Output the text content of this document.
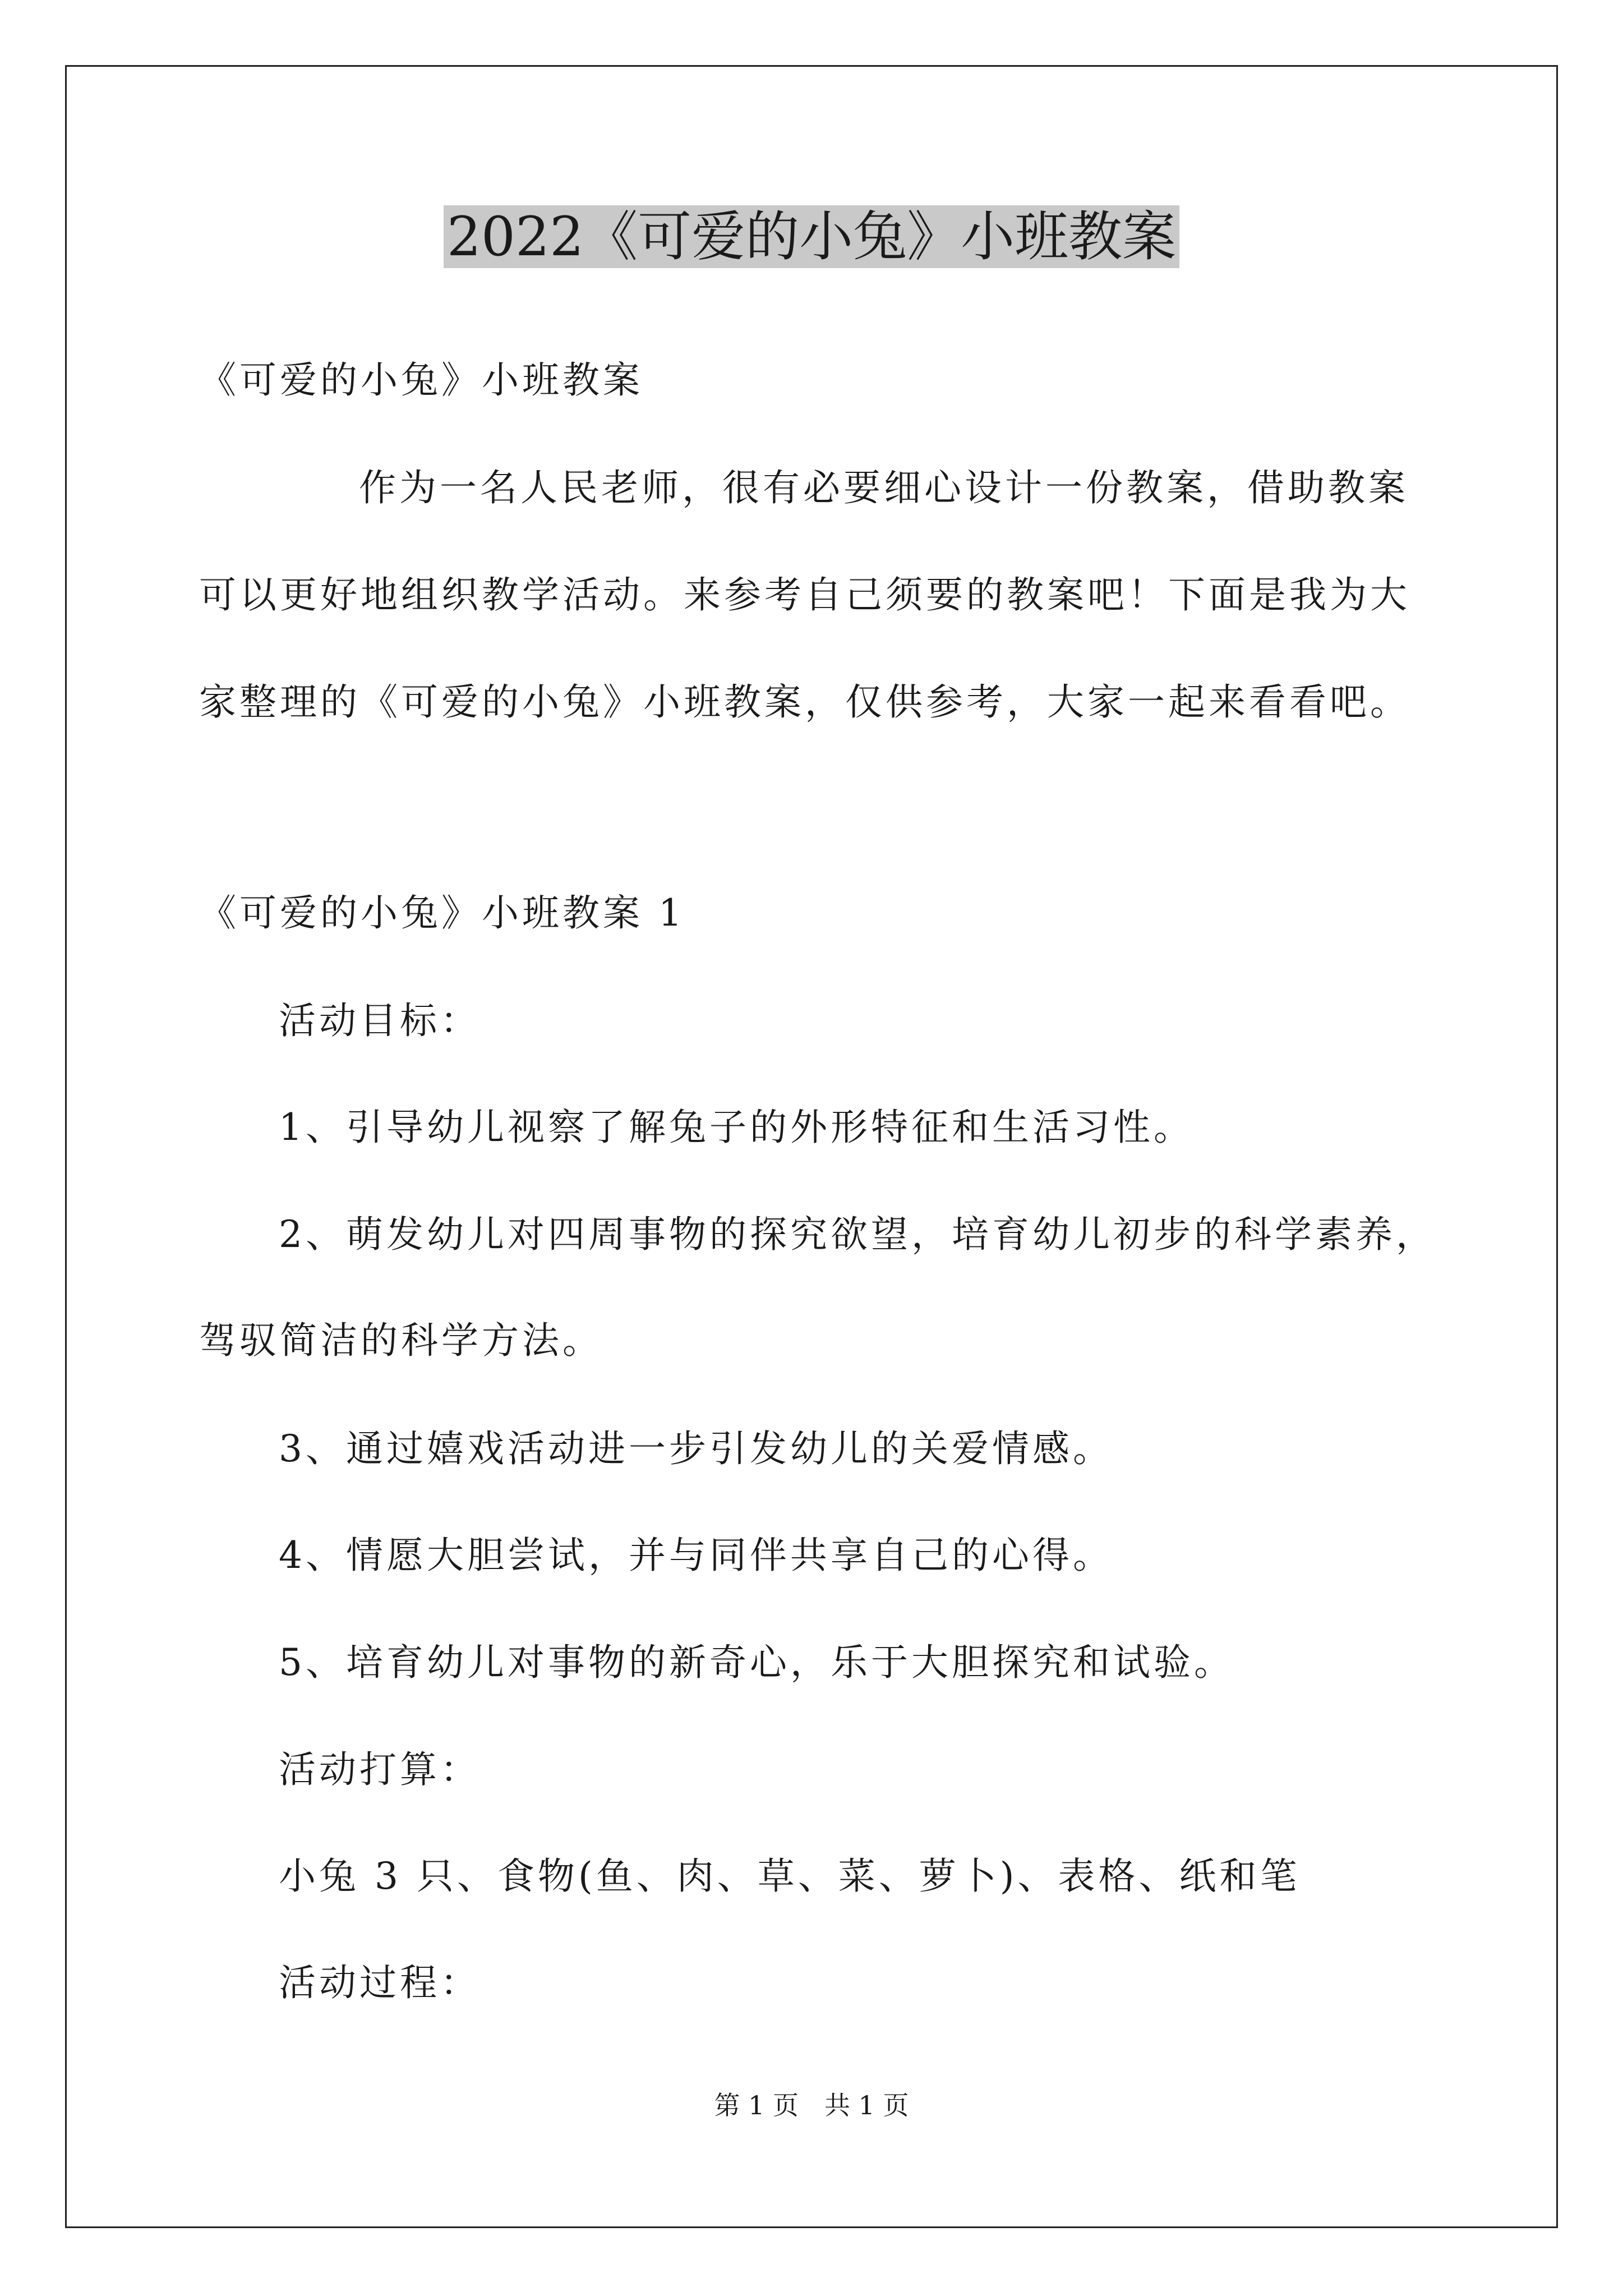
2022《可爱的小兔》小班教案
《可爱的小兔》小班教案
作为一名人民老师，很有必要细心设计一份教案，借助教案
可以更好地组织教学活动。来参考自己须要的教案吧！下面是我为大
家整理的《可爱的小兔》小班教案，仅供参考，大家一起来看看吧。
《可爱的小兔》小班教案 1
活动目标：
1、引导幼儿视察了解兔子的外形特征和生活习性。
2、萌发幼儿对四周事物的探究欲望，培育幼儿初步的科学素养，
驾驭简洁的科学方法。
3、通过嬉戏活动进一步引发幼儿的关爱情感。
4、情愿大胆尝试，并与同伴共享自己的心得。
5、培育幼儿对事物的新奇心，乐于大胆探究和试验。
活动打算：
小兔 3 只、食物(鱼、肉、草、菜、萝卜)、表格、纸和笔
活动过程：
第 1 页　共 1 页
